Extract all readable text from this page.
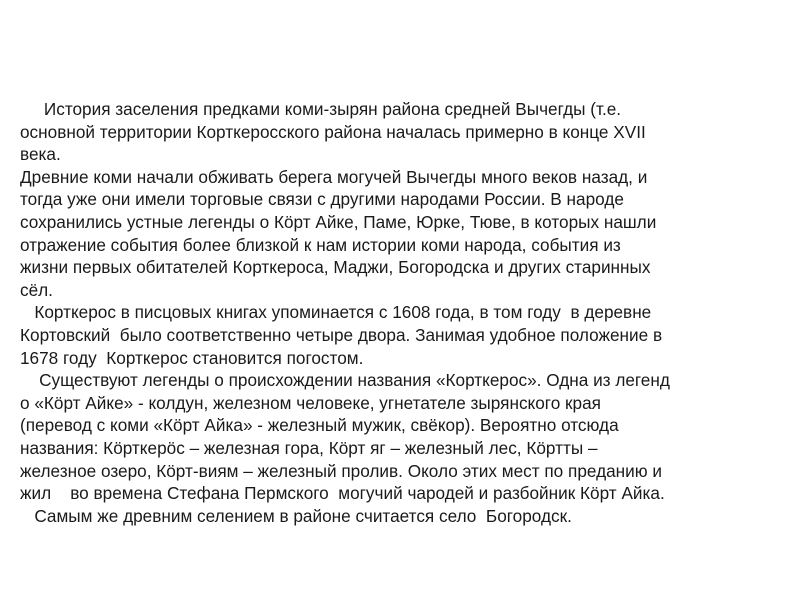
История заселения предками коми-зырян района средней Вычегды (т.е.
основной территории Корткеросского района началась примерно в конце XVII
века.
Древние коми начали обживать берега могучей Вычегды много веков назад, и
тогда уже они имели торговые связи с другими народами России. В народе
сохранились устные легенды о Кӧрт Айке, Паме, Юрке, Тюве, в которых нашли
отражение события более близкой к нам истории коми народа, события из
жизни первых обитателей Корткероса, Маджи, Богородска и других старинных
сёл.
Корткерос в писцовых книгах упоминается с 1608 года, в том году  в деревне
Кортовский  было соответственно четыре двора. Занимая удобное положение в
1678 году  Корткерос становится погостом.
Существуют легенды о происхождении названия «Корткерос». Одна из легенд
о «Кӧрт Айке» - колдун, железном человеке, угнетателе зырянского края
(перевод с коми «Кӧрт Айка» - железный мужик, свёкор). Вероятно отсюда
названия: Кӧрткерӧс – железная гора, Кӧрт яг – железный лес, Кӧртты –
железное озеро, Кӧрт-виям – железный пролив. Около этих мест по преданию и
жил    во времена Стефана Пермского  могучий чародей и разбойник Кӧрт Айка.
Самым же древним селением в районе считается село  Богородск.
